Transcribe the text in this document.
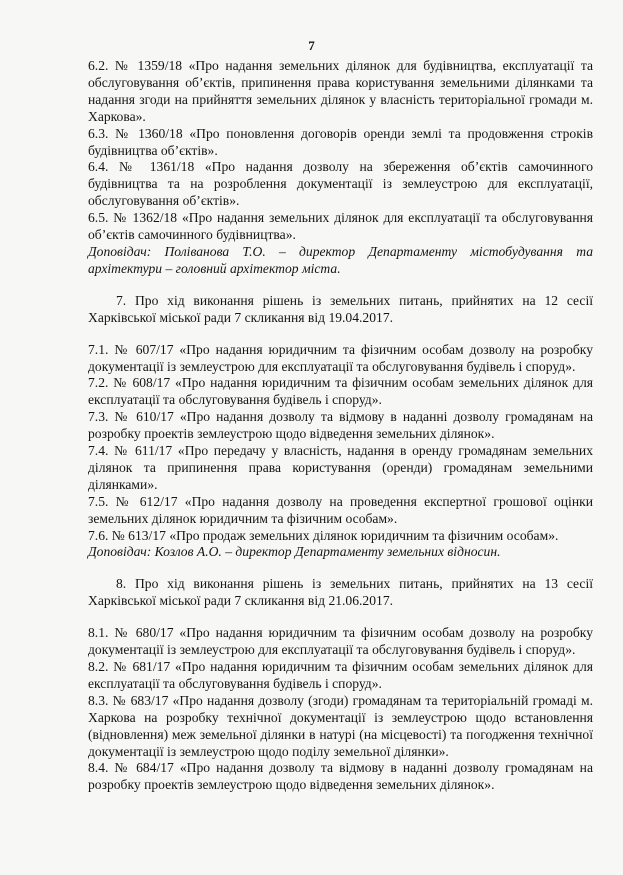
7

6.2. № 1359/18 «Про надання земельних ділянок для будівництва, експлуатації та обслуговування об’єктів, припинення права користування земельними ділянками та надання згоди на прийняття земельних ділянок у власність територіальної громади м. Харкова».

6.3. № 1360/18 «Про поновлення договорів оренди землі та продовження строків будівництва об’єктів».

6.4. № 1361/18 «Про надання дозволу на збереження об’єктів самочинного будівництва та на розроблення документації із землеустрою для експлуатації, обслуговування об’єктів».

6.5. № 1362/18 «Про надання земельних ділянок для експлуатації та обслуговування об’єктів самочинного будівництва».

Доповідач: Поліванова Т.О. – директор Департаменту містобудування та архітектури – головний архітектор міста.

7. Про хід виконання рішень із земельних питань, прийнятих на 12 сесії Харківської міської ради 7 скликання від 19.04.2017.

7.1. № 607/17 «Про надання юридичним та фізичним особам дозволу на розробку документації із землеустрою для експлуатації та обслуговування будівель і споруд».

7.2. № 608/17 «Про надання юридичним та фізичним особам земельних ділянок для експлуатації та обслуговування будівель і споруд».

7.3. № 610/17 «Про надання дозволу та відмову в наданні дозволу громадянам на розробку проектів землеустрою щодо відведення земельних ділянок».

7.4. № 611/17 «Про передачу у власність, надання в оренду громадянам земельних ділянок та припинення права користування (оренди) громадянам земельними ділянками».

7.5. № 612/17 «Про надання дозволу на проведення експертної грошової оцінки земельних ділянок юридичним та фізичним особам».

7.6. № 613/17 «Про продаж земельних ділянок юридичним та фізичним особам».

Доповідач: Козлов А.О. – директор Департаменту земельних відносин.

8. Про хід виконання рішень із земельних питань, прийнятих на 13 сесії Харківської міської ради 7 скликання від 21.06.2017.

8.1. № 680/17 «Про надання юридичним та фізичним особам дозволу на розробку документації із землеустрою для експлуатації та обслуговування будівель і споруд».

8.2. № 681/17 «Про надання юридичним та фізичним особам земельних ділянок для експлуатації та обслуговування будівель і споруд».

8.3. № 683/17 «Про надання дозволу (згоди) громадянам та територіальній громаді м. Харкова на розробку технічної документації із землеустрою щодо встановлення (відновлення) меж земельної ділянки в натурі (на місцевості) та погодження технічної документації із землеустрою щодо поділу земельної ділянки».

8.4. № 684/17 «Про надання дозволу та відмову в наданні дозволу громадянам на розробку проектів землеустрою щодо відведення земельних ділянок».
